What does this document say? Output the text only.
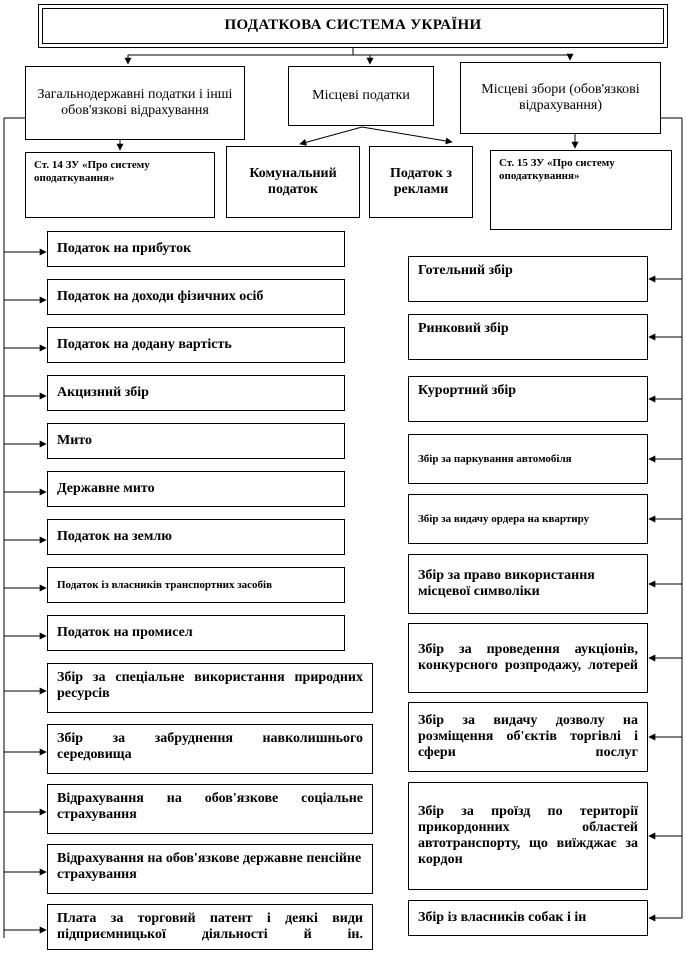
ПОДАТКОВА СИСТЕМА УКРАЇНИ
Загальнодержавні податки і інші обов'язкові відрахування
Місцеві податки	Місцеві збори (обов'язкові відрахування)
Ст. 14 ЗУ «Про систему оподаткування»	Комунальний податок
Податок з реклами
Ст. 15 ЗУ «Про систему оподаткування»
Податок на прибуток
Податок на доходи фізичних осіб
Податок на додану вартість
Акцизний збір
Мито
Державне мито
Податок на землю
Податок із власників транспортних засобів
Податок на промисел
Збір за спеціальне використання природних ресурсів
Збір за забруднення навколишнього середовища
Відрахування на обов'язкове соціальне страхування
Відрахування на обов'язкове державне пенсійне страхування
Плата за торговий патент і деякі види підприємницької діяльності й ін.
Готельний збір
Ринковий збір
Курортний збір
Збір за паркування автомобіля
Збір за видачу ордера на квартиру
Збір за право використання місцевої символіки
Збір за проведення аукціонів, конкурсного розпродажу, лотерей
Збір за видачу дозволу на розміщення об'єктів торгівлі і сфери послуг
Збір за проїзд по території прикордонних областей автотранспорту, що виїжджає за кордон
Збір із власників собак і ін
